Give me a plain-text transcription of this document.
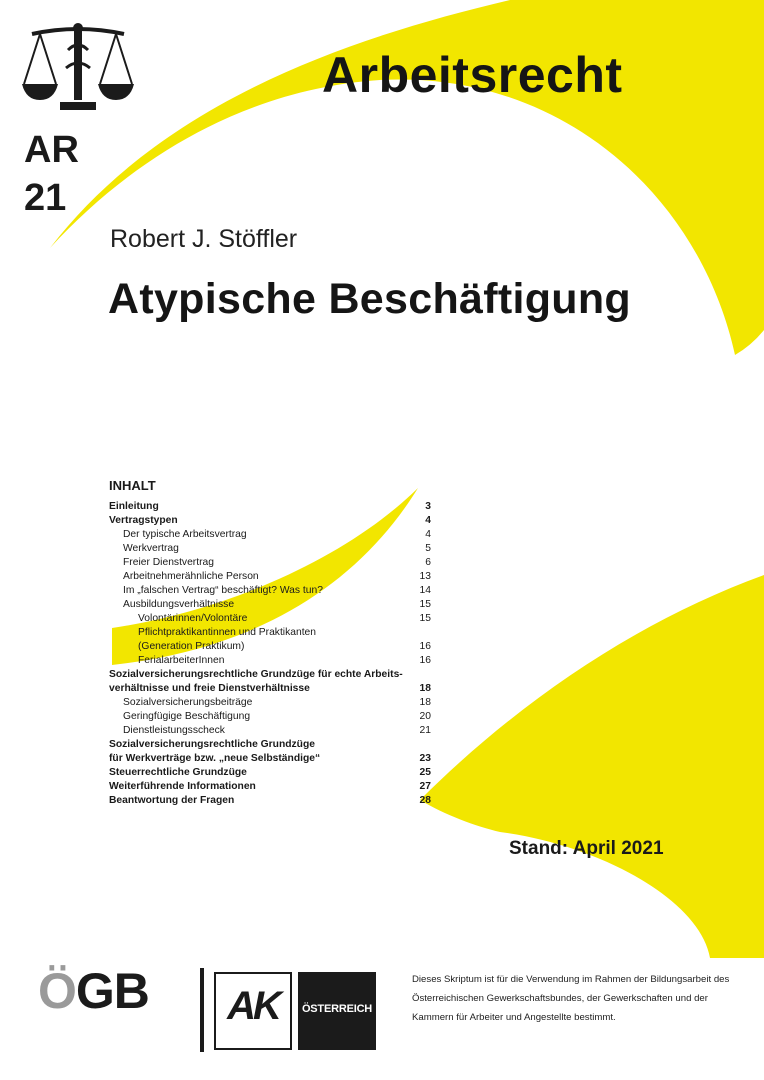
Arbeitsrecht
AR
21
Robert J. Stöffler
Atypische Beschäftigung
INHALT
Einleitung	3
Vertragstypen	4
Der typische Arbeitsvertrag	4
Werkvertrag	5
Freier Dienstvertrag	6
Arbeitnehmerähnliche Person	13
Im „falschen Vertrag“ beschäftigt? Was tun?	14
Ausbildungsverhältnisse	15
Volontärinnen/Volontäre	15
Pflichtpraktikantinnen und Praktikanten
(Generation Praktikum)	16
FerialarbeiterInnen	16
Sozialversicherungsrechtliche Grundzüge für echte Arbeits-
verhältnisse und freie Dienstverhältnisse	18
Sozialversicherungsbeiträge	18
Geringfügige Beschäftigung	20
Dienstleistungsscheck	21
Sozialversicherungsrechtliche Grundzüge
für Werkverträge bzw. „neue Selbständige“	23
Steuerrechtliche Grundzüge	25
Weiterführende Informationen	27
Beantwortung der Fragen	28
Stand: April 2021
ÖGB	AK	ÖSTERREICH
Dieses Skriptum ist für die Verwendung im Rahmen der Bildungsarbeit des Österreichischen Gewerkschaftsbundes, der Gewerkschaften und der Kammern für Arbeiter und Angestellte bestimmt.
